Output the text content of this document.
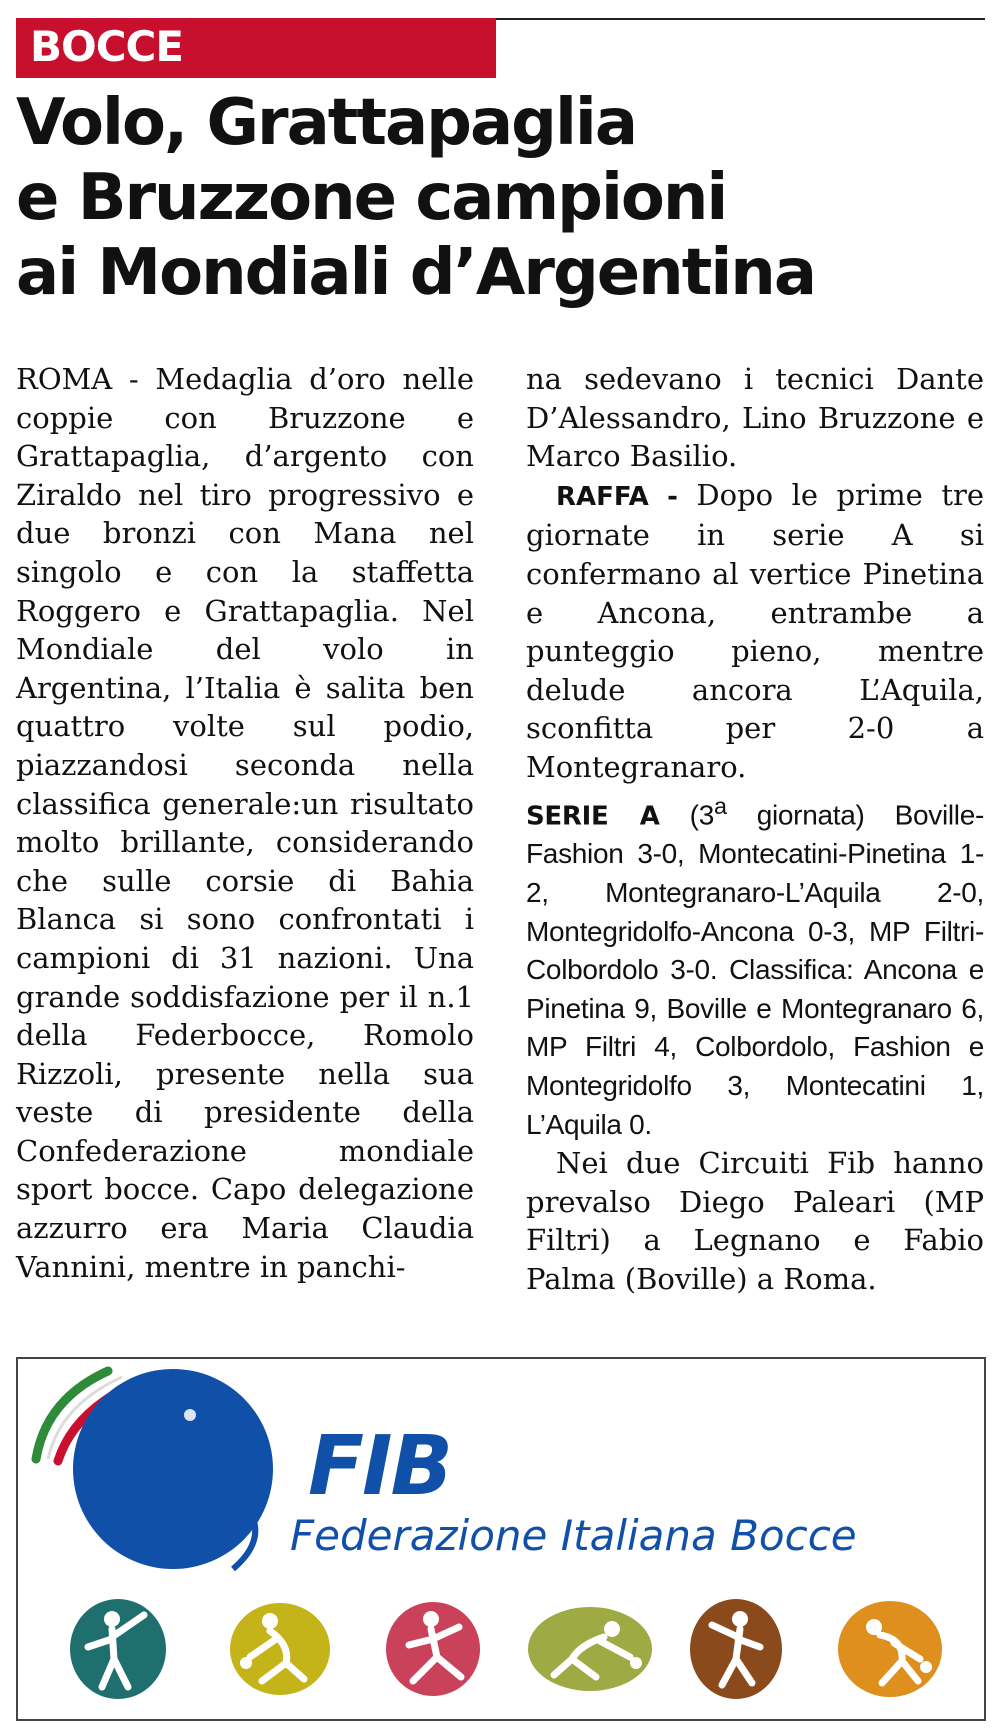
BOCCE
Volo, Grattapaglia
e Bruzzone campioni
ai Mondiali d’Argentina

ROMA - Medaglia d’oro nelle coppie con Bruzzone e Grattapaglia, d’argento con Ziraldo nel tiro progressivo e due bronzi con Mana nel singolo e con la staffetta Roggero e Grattapaglia. Nel Mondiale del volo in Argentina, l’Italia è salita ben quattro volte sul podio, piazzandosi seconda nella classifica generale:un risultato molto brillante, considerando che sulle corsie di Bahia Blanca si sono confrontati i campioni di 31 nazioni. Una grande soddisfazione per il n.1 della Federbocce, Romolo Rizzoli, presente nella sua veste di presidente della Confederazione mondiale sport bocce. Capo delegazione azzurro era Maria Claudia Vannini, mentre in panchi-

na sedevano i tecnici Dante D’Alessandro, Lino Bruzzone e Marco Basilio.

RAFFA - Dopo le prime tre giornate in serie A si confermano al vertice Pinetina e Ancona, entrambe a punteggio pieno, mentre delude ancora L’Aquila, sconfitta per 2-0 a Montegranaro.

SERIE A (3$^a$ giornata) Boville-Fashion 3-0, Montecatini-Pinetina 1-2, Montegranaro-L’Aquila 2-0, Montegridolfo-Ancona 0-3, MP Filtri-Colbordolo 3-0. Classifica: Ancona e Pinetina 9, Boville e Montegranaro 6, MP Filtri 4, Colbordolo, Fashion e Montegridolfo 3, Montecatini 1, L’Aquila 0.

Nei due Circuiti Fib hanno prevalso Diego Paleari (MP Filtri) a Legnano e Fabio Palma (Boville) a Roma.

FIB
Federazione Italiana Bocce
